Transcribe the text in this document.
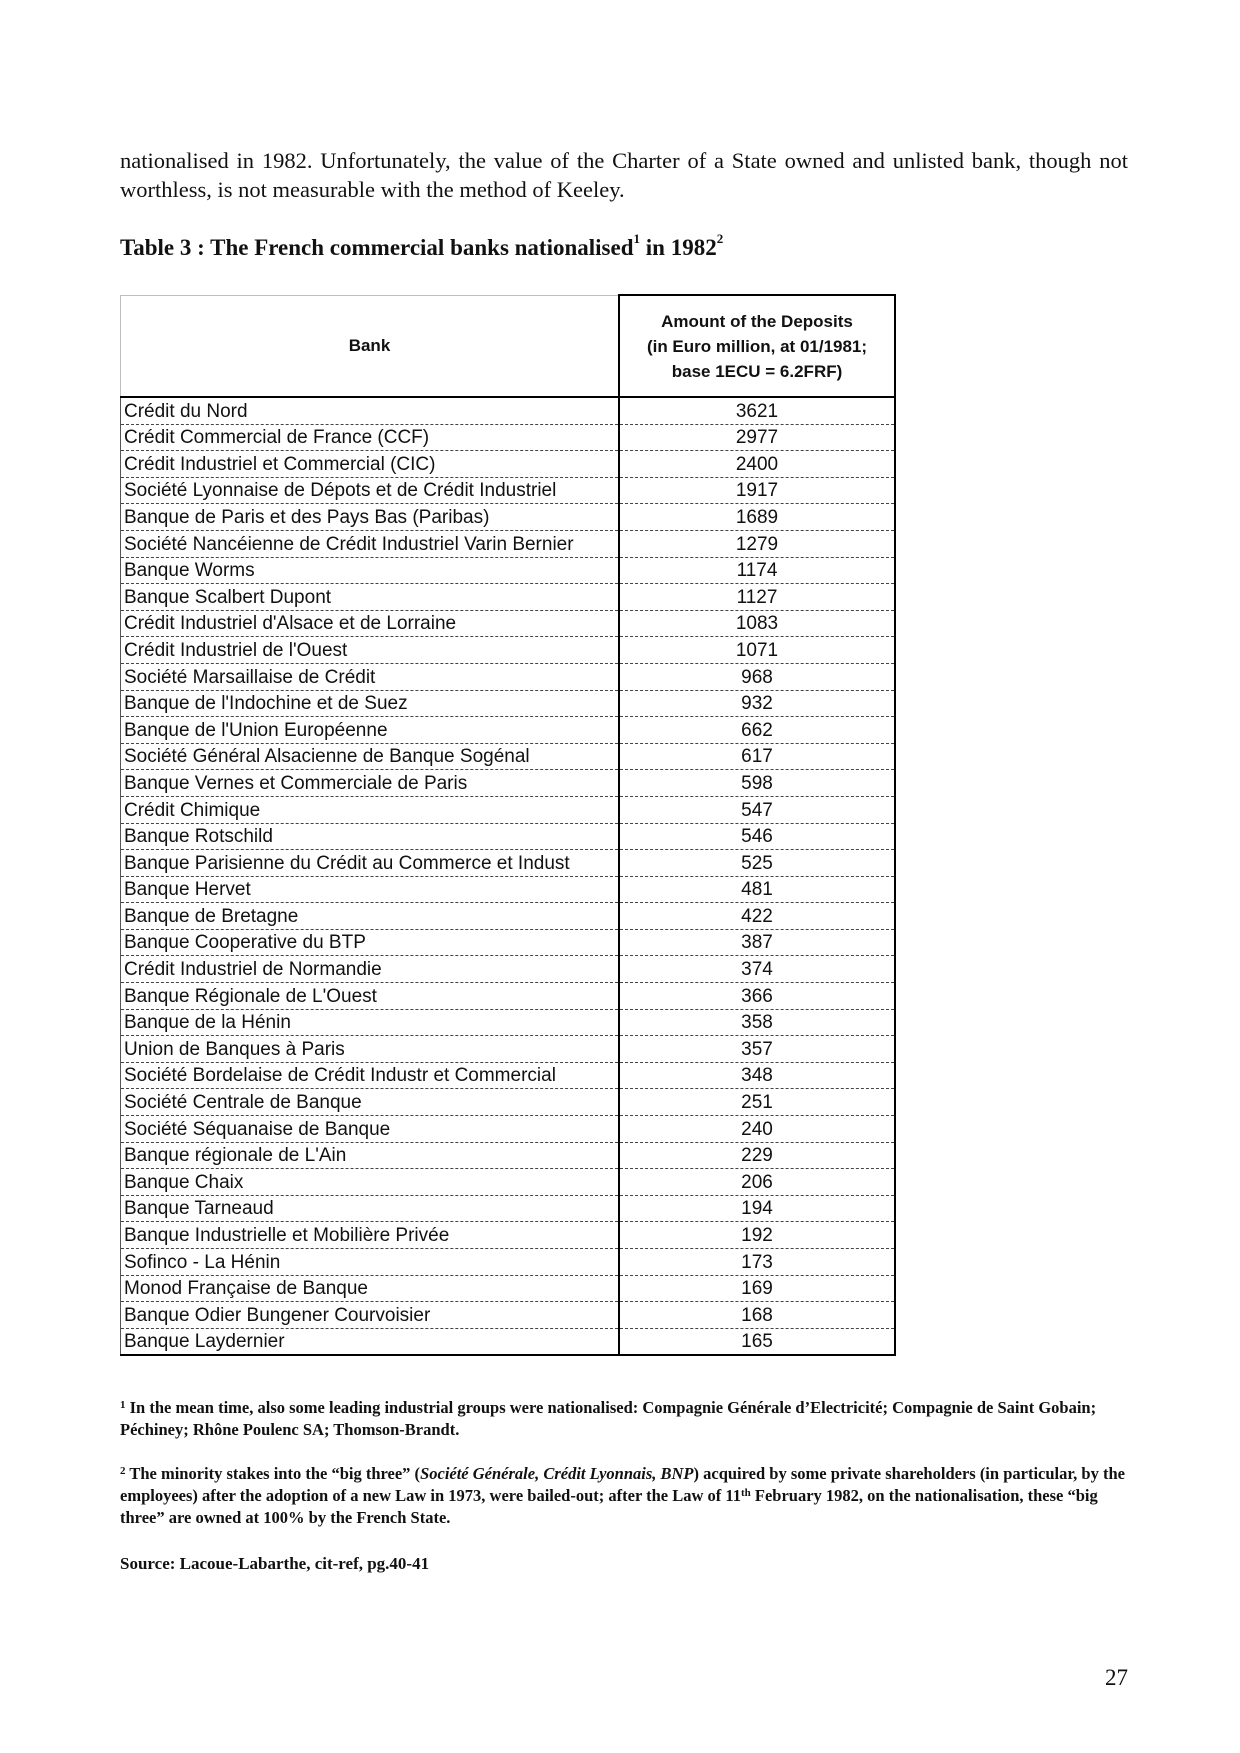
nationalised in 1982. Unfortunately, the value of the Charter of a State owned and unlisted bank, though not worthless, is not measurable with the method of Keeley.

Table 3 : The French commercial banks nationalised$^1$ in 1982$^2$
Bank	Amount of the Deposits
(in Euro million, at 01/1981;
base 1ECU = 6.2FRF)

Crédit du Nord	3621
Crédit Commercial de France (CCF)	2977
Crédit Industriel et Commercial (CIC)	2400
Société Lyonnaise de Dépots et de Crédit Industriel	1917
Banque de Paris et des Pays Bas (Paribas)	1689
Société Nancéienne de Crédit Industriel Varin Bernier	1279
Banque Worms	1174
Banque Scalbert Dupont	1127
Crédit Industriel d'Alsace et de Lorraine	1083
Crédit Industriel de l'Ouest	1071
Société Marsaillaise de Crédit	968
Banque de l'Indochine et de Suez	932
Banque de l'Union Européenne	662
Société Général Alsacienne de Banque Sogénal	617
Banque Vernes et Commerciale de Paris	598
Crédit Chimique	547
Banque Rotschild	546
Banque Parisienne du Crédit au Commerce et Indust	525
Banque Hervet	481
Banque de Bretagne	422
Banque Cooperative du BTP	387
Crédit Industriel de Normandie	374
Banque Régionale de L'Ouest	366
Banque de la Hénin	358
Union de Banques à Paris	357
Société Bordelaise de Crédit Industr et Commercial	348
Société Centrale de Banque	251
Société Séquanaise de Banque	240
Banque régionale de L'Ain	229
Banque Chaix	206
Banque Tarneaud	194
Banque Industrielle et Mobilière Privée	192
Sofinco - La Hénin	173
Monod Française de Banque	169
Banque Odier Bungener Courvoisier	168
Banque Laydernier	165

$^1$ In the mean time, also some leading industrial groups were nationalised: Compagnie Générale d’Electricité; Compagnie de Saint Gobain; Péchiney; Rhône Poulenc SA; Thomson-Brandt.

$^2$ The minority stakes into the “big three” (Société Générale, Crédit Lyonnais, BNP) acquired by some private shareholders (in particular, by the employees) after the adoption of a new Law in 1973, were bailed-out; after the Law of 11th February 1982, on the nationalisation, these “big three” are owned at 100% by the French State.

Source: Lacoue-Labarthe, cit-ref, pg.40-41

27
